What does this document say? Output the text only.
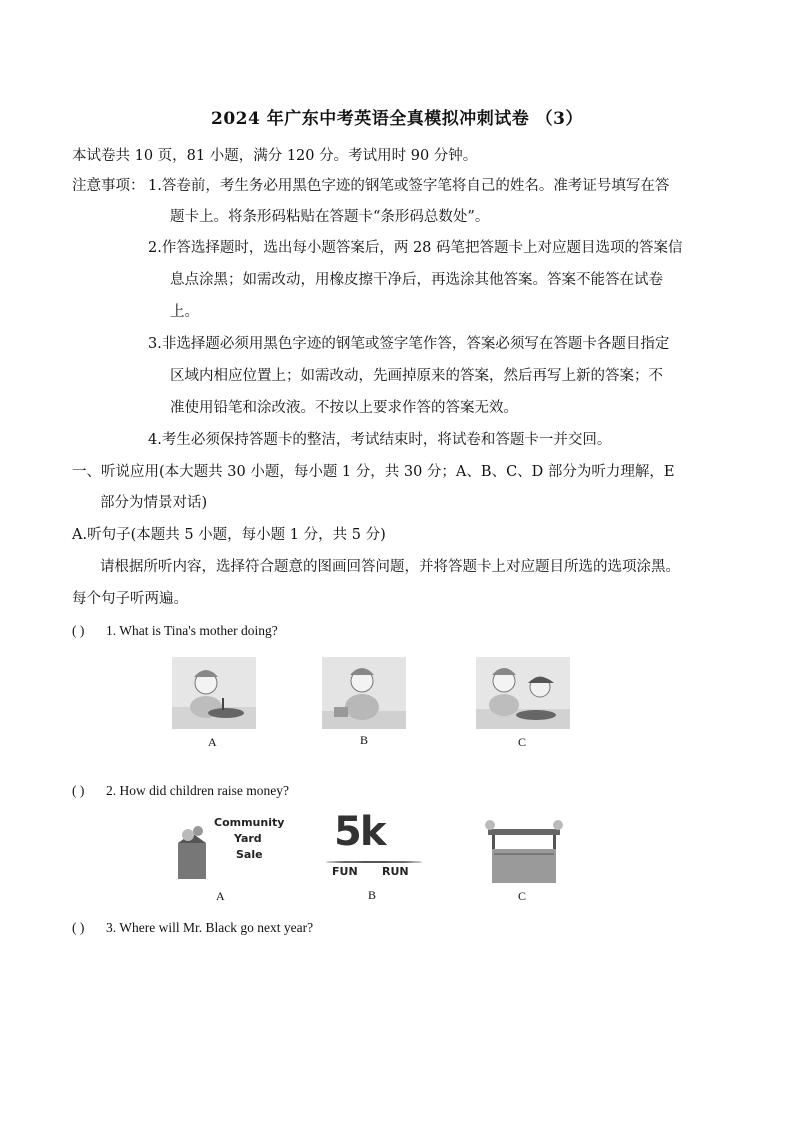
2024 年广东中考英语全真模拟冲刺试卷 （3）
本试卷共 10 页，81 小题，满分 120 分。考试用时 90 分钟。
注意事项： 1.答卷前，考生务必用黑色字迹的钢笔或签字笔将自己的姓名。准考证号填写在答
题卡上。将条形码粘贴在答题卡“条形码总数处”。
2.作答选择题时，选出每小题答案后，两 28 码笔把答题卡上对应题目选项的答案信
息点涂黑；如需改动，用橡皮擦干净后，再选涂其他答案。答案不能答在试卷
上。
3.非选择题必须用黑色字迹的钢笔或签字笔作答，答案必须写在答题卡各题目指定
区域内相应位置上；如需改动，先画掉原来的答案，然后再写上新的答案；不
准使用铅笔和涂改液。不按以上要求作答的答案无效。
4.考生必须保持答题卡的整洁，考试结束时，将试卷和答题卡一并交回。
一、听说应用(本大题共 30 小题，每小题 1 分，共 30 分；A、B、C、D 部分为听力理解，E
部分为情景对话)
A.听句子(本题共 5 小题，每小题 1 分，共 5 分)
请根据所听内容，选择符合题意的图画回答问题，并将答题卡上对应题目所选的选项涂黑。
每个句子听两遍。
( ) 1. What is Tina's mother doing?
A	B	C
( ) 2. How did children raise money?
Community
Yard
Sale
A
5k
FUN RUN
B	C
( ) 3. Where will Mr. Black go next year?
